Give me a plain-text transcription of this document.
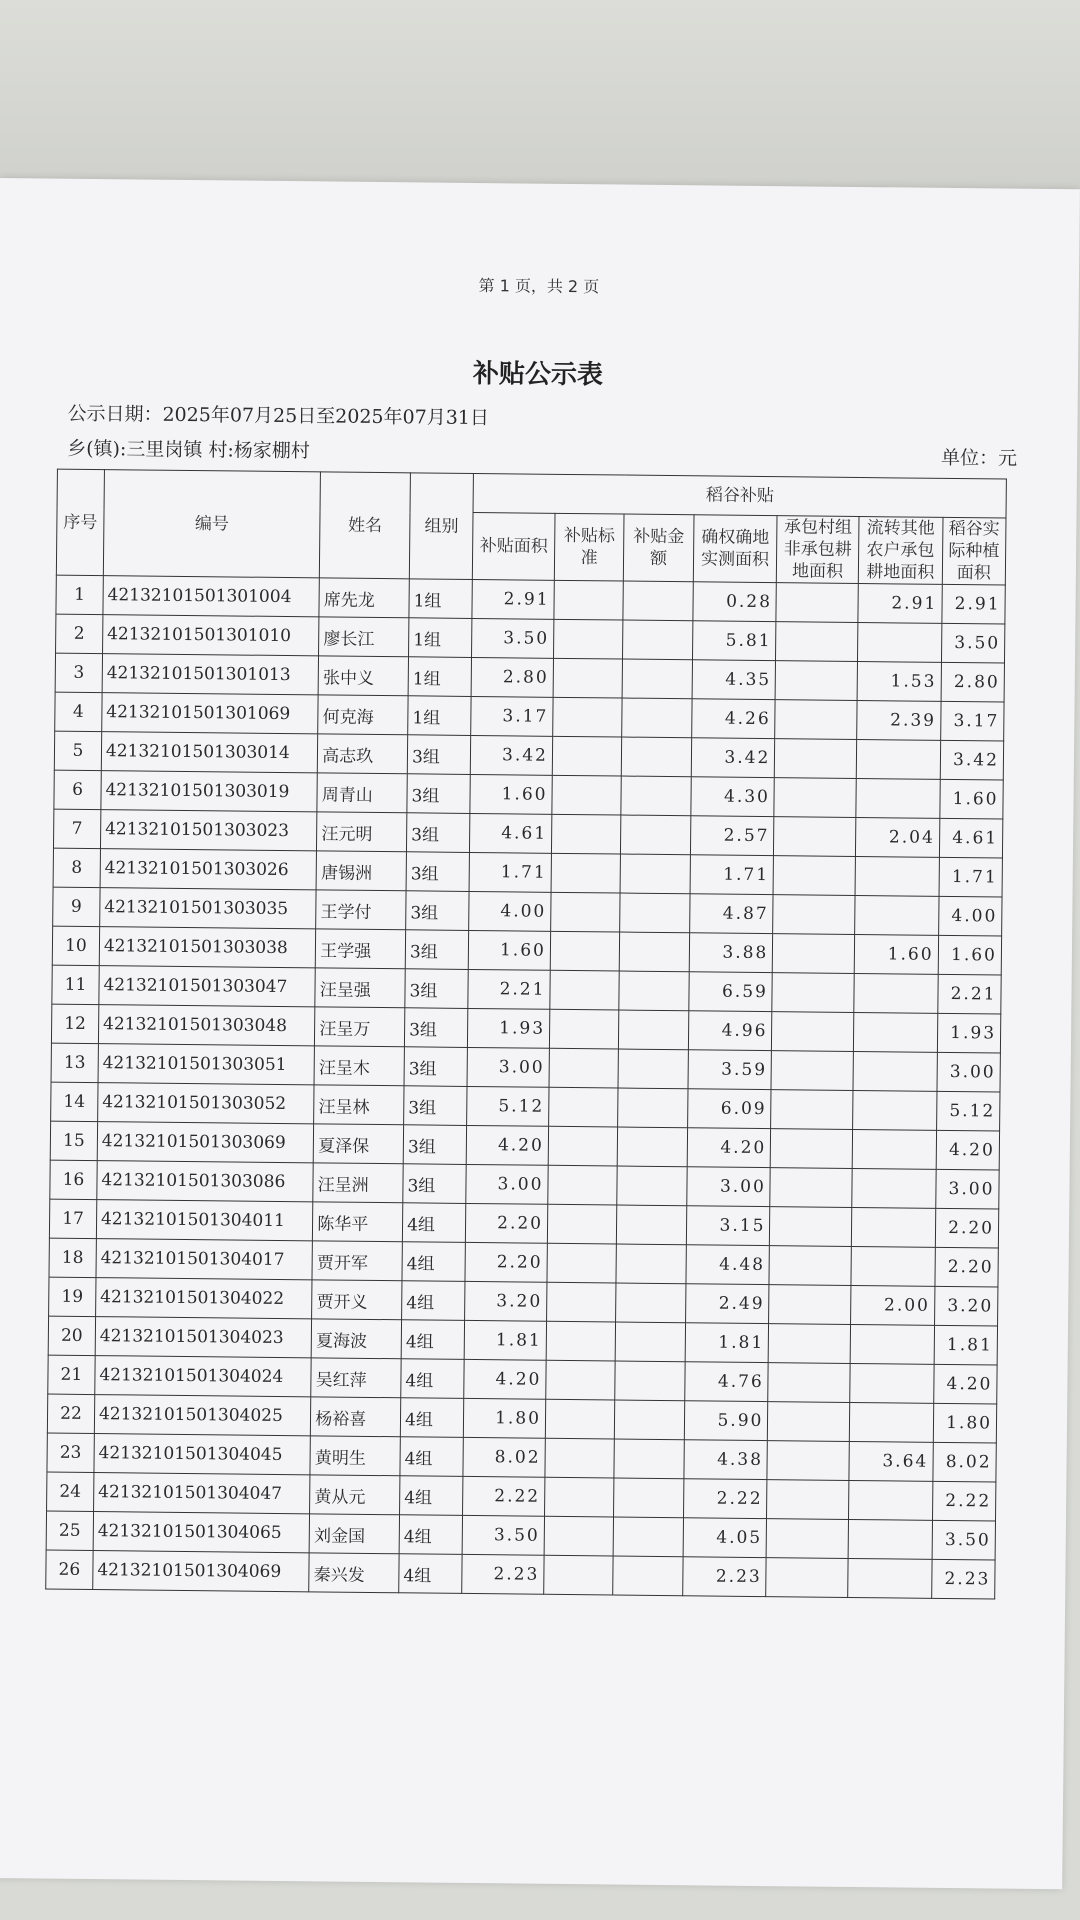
第 1 页，共 2 页
补贴公示表
公示日期：2025年07月25日至2025年07月31日
乡(镇):三里岗镇 村:杨家棚村	单位：元
序号	编号	姓名	组别	稻谷补贴						
				补贴面积	补贴标准	补贴金额	确权确地实测面积	承包村组非承包耕地面积	流转其他农户承包耕地面积	稻谷实际种植面积
1	42132101501301004	席先龙	1组	2.91			0.28		2.91	2.91
2	42132101501301010	廖长江	1组	3.50			5.81			3.50
3	42132101501301013	张中义	1组	2.80			4.35		1.53	2.80
4	42132101501301069	何克海	1组	3.17			4.26		2.39	3.17
5	42132101501303014	高志玖	3组	3.42			3.42			3.42
6	42132101501303019	周青山	3组	1.60			4.30			1.60
7	42132101501303023	汪元明	3组	4.61			2.57		2.04	4.61
8	42132101501303026	唐锡洲	3组	1.71			1.71			1.71
9	42132101501303035	王学付	3组	4.00			4.87			4.00
10	42132101501303038	王学强	3组	1.60			3.88		1.60	1.60
11	42132101501303047	汪呈强	3组	2.21			6.59			2.21
12	42132101501303048	汪呈万	3组	1.93			4.96			1.93
13	42132101501303051	汪呈木	3组	3.00			3.59			3.00
14	42132101501303052	汪呈林	3组	5.12			6.09			5.12
15	42132101501303069	夏泽保	3组	4.20			4.20			4.20
16	42132101501303086	汪呈洲	3组	3.00			3.00			3.00
17	42132101501304011	陈华平	4组	2.20			3.15			2.20
18	42132101501304017	贾开军	4组	2.20			4.48			2.20
19	42132101501304022	贾开义	4组	3.20			2.49		2.00	3.20
20	42132101501304023	夏海波	4组	1.81			1.81			1.81
21	42132101501304024	吴红萍	4组	4.20			4.76			4.20
22	42132101501304025	杨裕喜	4组	1.80			5.90			1.80
23	42132101501304045	黄明生	4组	8.02			4.38		3.64	8.02
24	42132101501304047	黄从元	4组	2.22			2.22			2.22
25	42132101501304065	刘金国	4组	3.50			4.05			3.50
26	42132101501304069	秦兴发	4组	2.23			2.23			2.23
